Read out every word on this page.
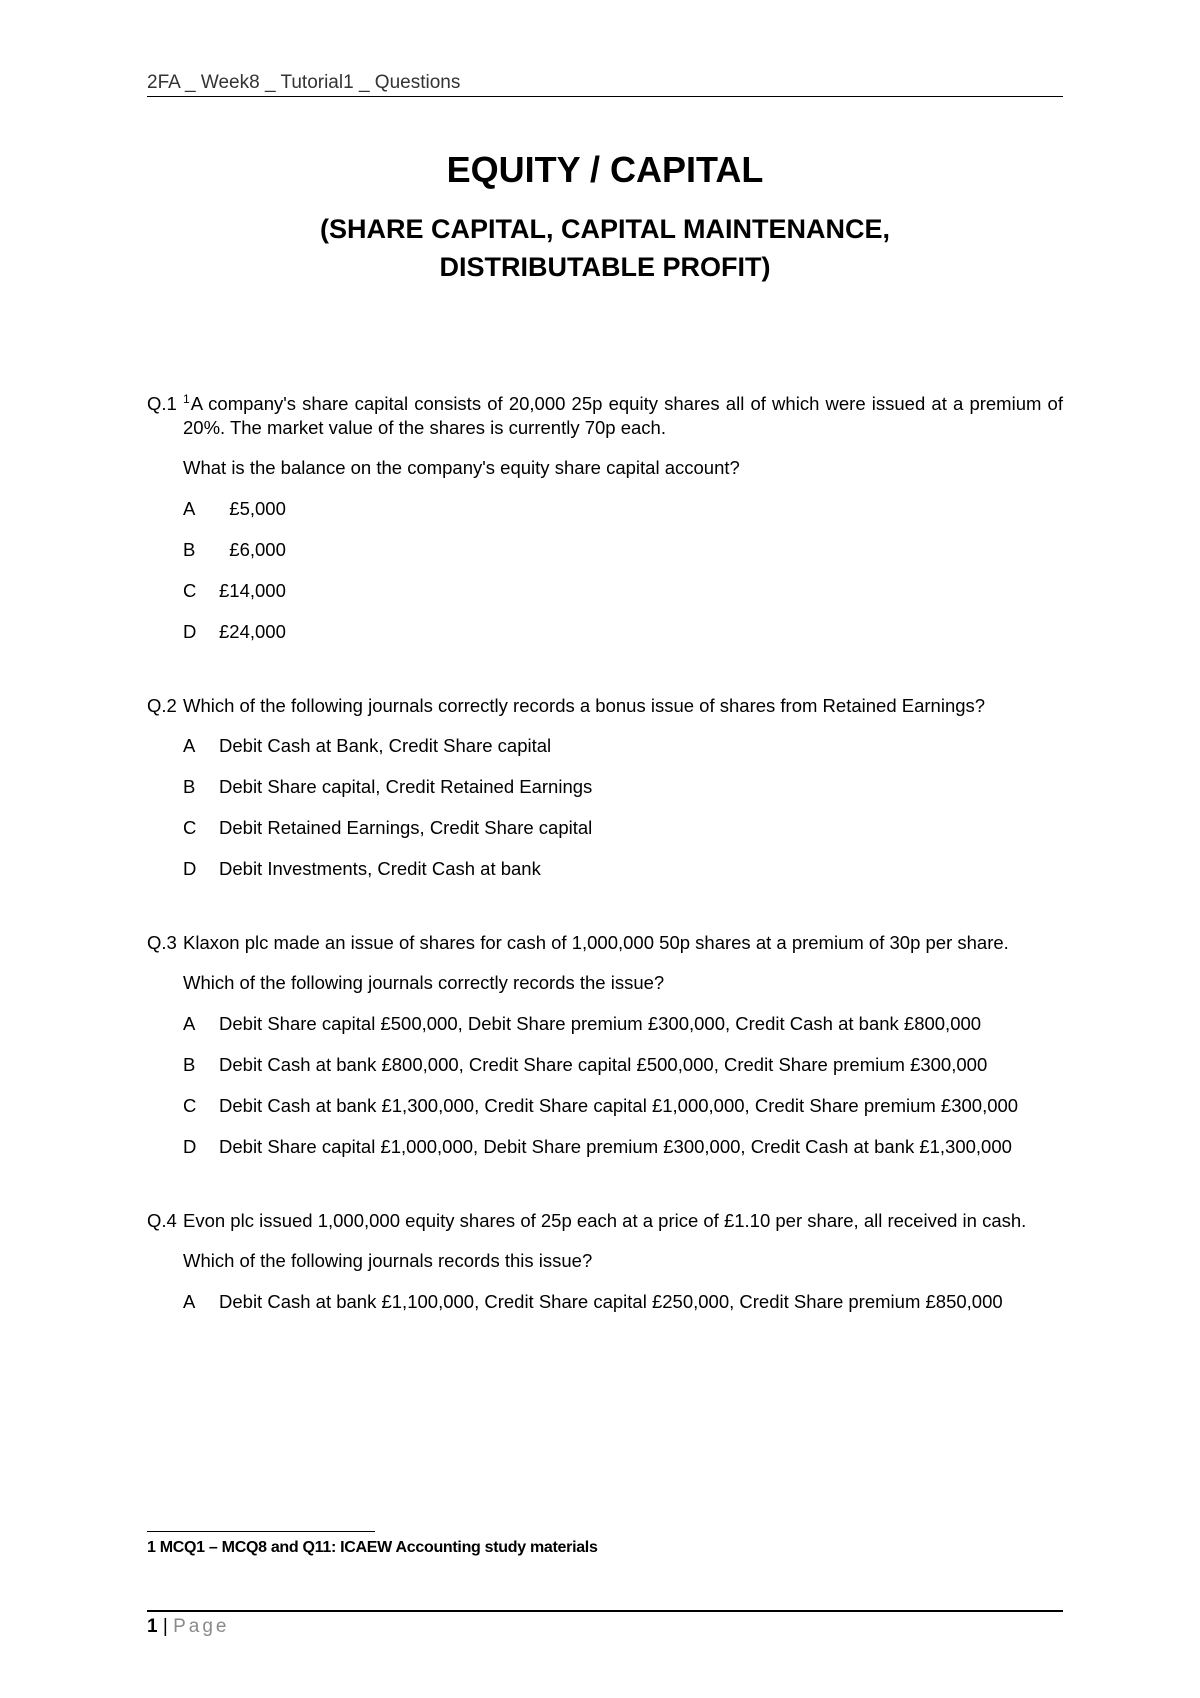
2FA _ Week8 _ Tutorial1 _ Questions
EQUITY / CAPITAL
(SHARE CAPITAL, CAPITAL MAINTENANCE,
DISTRIBUTABLE PROFIT)
Q.1 $^1$A company's share capital consists of 20,000 25p equity shares all of which were issued at a premium of 20%. The market value of the shares is currently 70p each.
What is the balance on the company's equity share capital account?
A  £5,000
B  £6,000
C £14,000
D £24,000
Q.2 Which of the following journals correctly records a bonus issue of shares from Retained Earnings?
A Debit Cash at Bank, Credit Share capital
B Debit Share capital, Credit Retained Earnings
C Debit Retained Earnings, Credit Share capital
D Debit Investments, Credit Cash at bank
Q.3 Klaxon plc made an issue of shares for cash of 1,000,000 50p shares at a premium of 30p per share.
Which of the following journals correctly records the issue?
A Debit Share capital £500,000, Debit Share premium £300,000, Credit Cash at bank £800,000
B Debit Cash at bank £800,000, Credit Share capital £500,000, Credit Share premium £300,000
C Debit Cash at bank £1,300,000, Credit Share capital £1,000,000, Credit Share premium £300,000
D Debit Share capital £1,000,000, Debit Share premium £300,000, Credit Cash at bank £1,300,000
Q.4 Evon plc issued 1,000,000 equity shares of 25p each at a price of £1.10 per share, all received in cash.
Which of the following journals records this issue?
A Debit Cash at bank £1,100,000, Credit Share capital £250,000, Credit Share premium £850,000
1 MCQ1 – MCQ8 and Q11: ICAEW Accounting study materials
1 | Page
